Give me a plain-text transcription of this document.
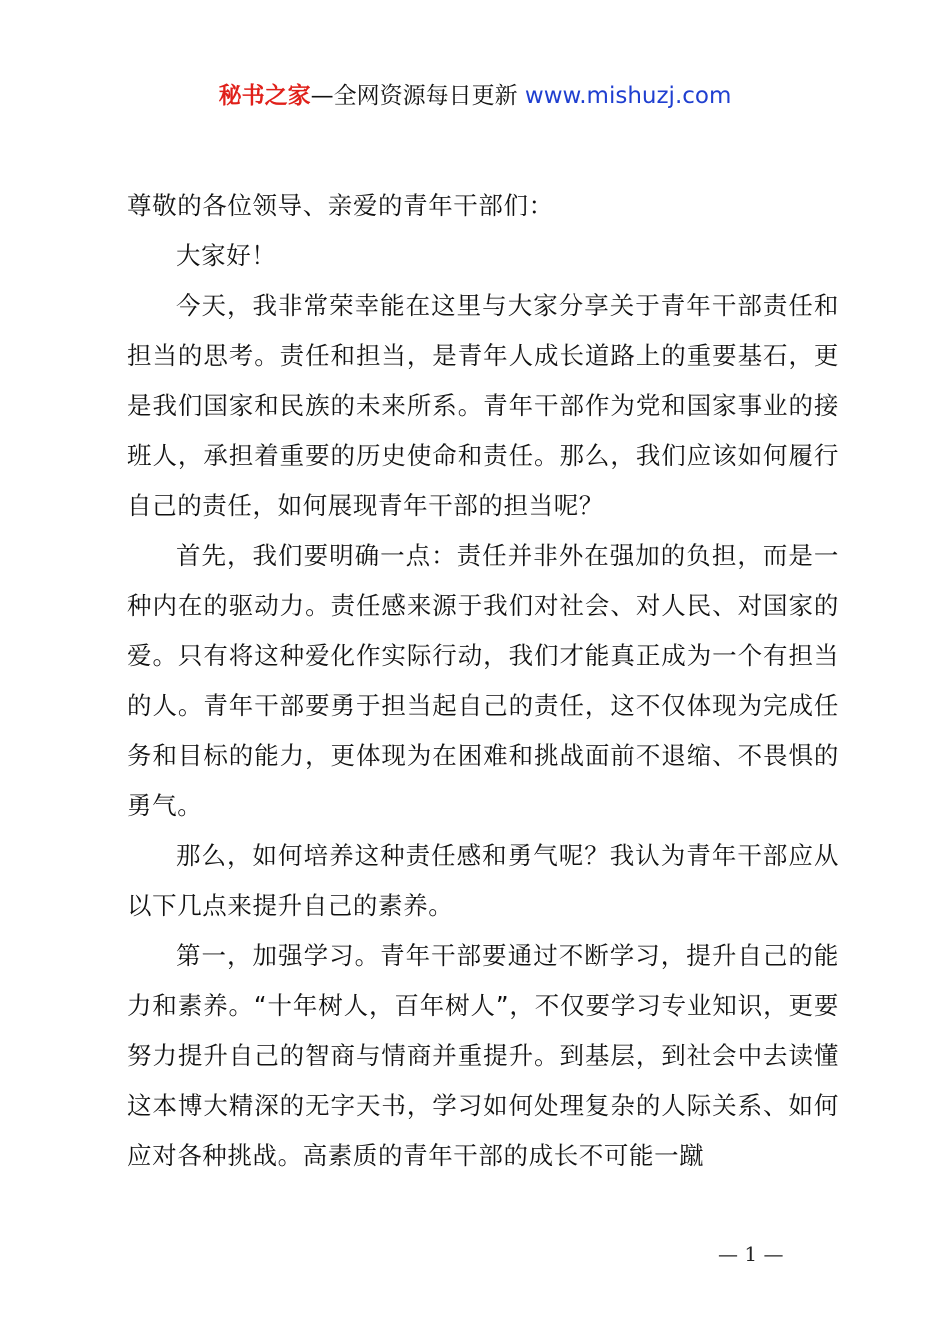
秘书之家—全网资源每日更新 www.mishuzj.com

尊敬的各位领导、亲爱的青年干部们：

大家好！

今天，我非常荣幸能在这里与大家分享关于青年干部责任和担当的思考。责任和担当，是青年人成长道路上的重要基石，更是我们国家和民族的未来所系。青年干部作为党和国家事业的接班人，承担着重要的历史使命和责任。那么，我们应该如何履行自己的责任，如何展现青年干部的担当呢？

首先，我们要明确一点：责任并非外在强加的负担，而是一种内在的驱动力。责任感来源于我们对社会、对人民、对国家的爱。只有将这种爱化作实际行动，我们才能真正成为一个有担当的人。青年干部要勇于担当起自己的责任，这不仅体现为完成任务和目标的能力，更体现为在困难和挑战面前不退缩、不畏惧的勇气。

那么，如何培养这种责任感和勇气呢？我认为青年干部应从以下几点来提升自己的素养。

第一，加强学习。青年干部要通过不断学习，提升自己的能力和素养。“十年树人，百年树人”，不仅要学习专业知识，更要努力提升自己的智商与情商并重提升。到基层，到社会中去读懂这本博大精深的无字天书，学习如何处理复杂的人际关系、如何应对各种挑战。高素质的青年干部的成长不可能一蹴

— 1 —
